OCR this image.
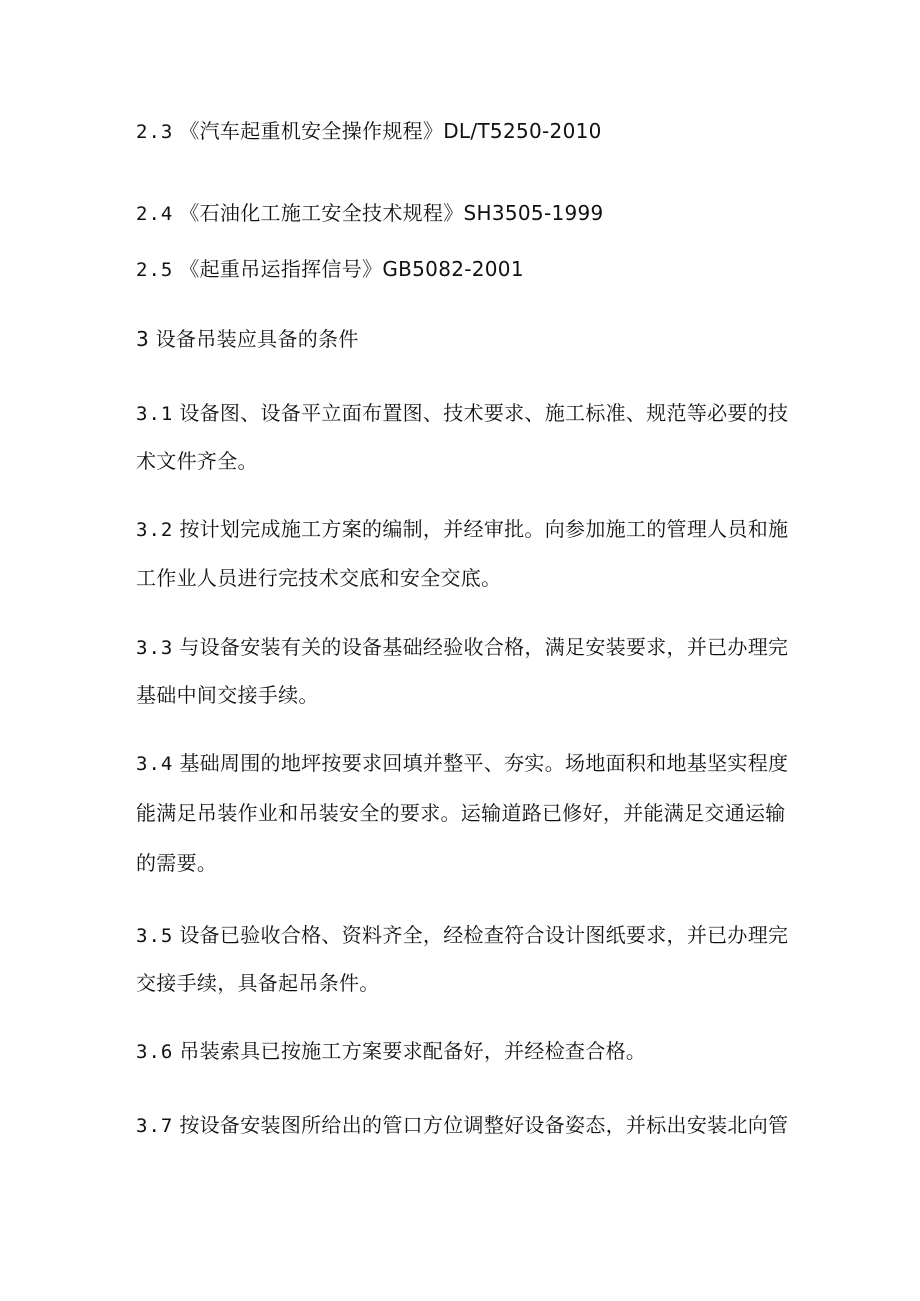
2.3 《汽车起重机安全操作规程》DL/T5250-2010
2.4 《石油化工施工安全技术规程》SH3505-1999
2.5 《起重吊运指挥信号》GB5082-2001
3 设备吊装应具备的条件
3.1 设备图、设备平立面布置图、技术要求、施工标准、规范等必要的技
术文件齐全。
3.2 按计划完成施工方案的编制，并经审批。向参加施工的管理人员和施
工作业人员进行完技术交底和安全交底。
3.3 与设备安装有关的设备基础经验收合格，满足安装要求，并已办理完
基础中间交接手续。
3.4 基础周围的地坪按要求回填并整平、夯实。场地面积和地基坚实程度
能满足吊装作业和吊装安全的要求。运输道路已修好，并能满足交通运输
的需要。
3.5 设备已验收合格、资料齐全，经检查符合设计图纸要求，并已办理完
交接手续，具备起吊条件。
3.6 吊装索具已按施工方案要求配备好，并经检查合格。
3.7 按设备安装图所给出的管口方位调整好设备姿态，并标出安装北向管
